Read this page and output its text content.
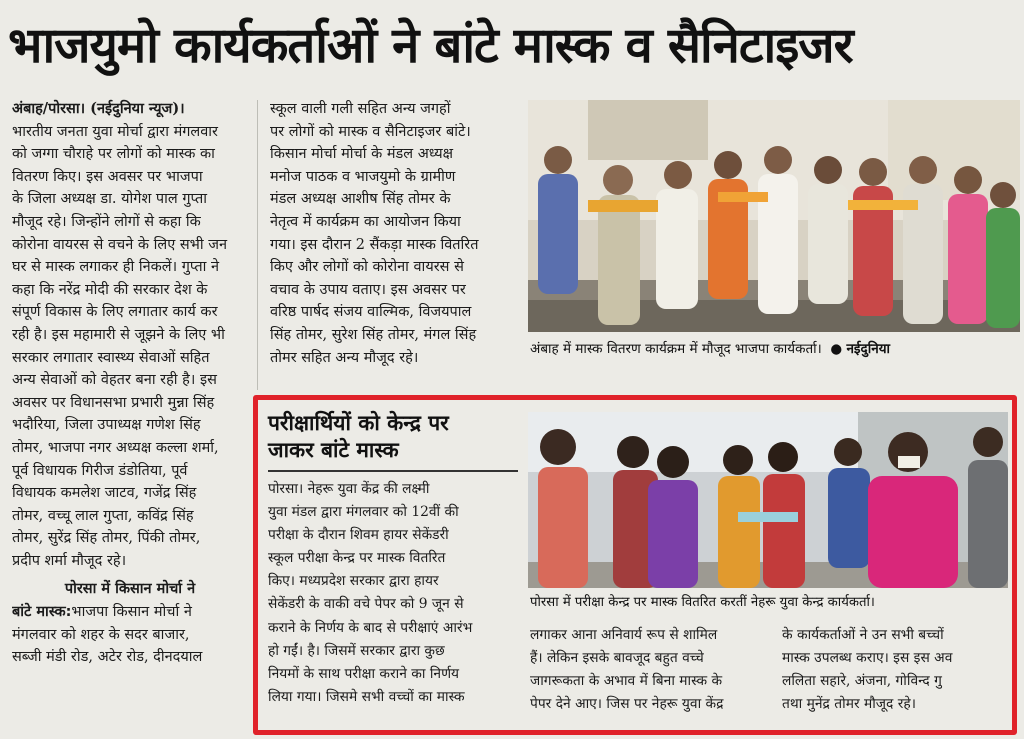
भाजयुमो कार्यकर्ताओं ने बांटे मास्क व सैनिटाइजर
अंबाह/पोरसा। (नईदुनिया न्यूज)।
भारतीय जनता युवा मोर्चा द्वारा मंगलवार
को जग्गा चौराहे पर लोगों को मास्क का
वितरण किए। इस अवसर पर भाजपा
के जिला अध्यक्ष डा. योगेश पाल गुप्ता
मौजूद रहे। जिन्होंने लोगों से कहा कि
कोरोना वायरस से वचने के लिए सभी जन
घर से मास्क लगाकर ही निकलें। गुप्ता ने
कहा कि नरेंद्र मोदी की सरकार देश के
संपूर्ण विकास के लिए लगातार कार्य कर
रही है। इस महामारी से जूझने के लिए भी
सरकार लगातार स्वास्थ्य सेवाओं सहित
अन्य सेवाओं को वेहतर बना रही है। इस
अवसर पर विधानसभा प्रभारी मुन्ना सिंह
भदौरिया, जिला उपाध्यक्ष गणेश सिंह
तोमर, भाजपा नगर अध्यक्ष कल्ला शर्मा,
पूर्व विधायक गिरीज डंडोतिया, पूर्व
विधायक कमलेश जाटव, गजेंद्र सिंह
तोमर, वच्चू लाल गुप्ता, कविंद्र सिंह
तोमर, सुरेंद्र सिंह तोमर, पिंकी तोमर,
प्रदीप शर्मा मौजूद रहे।
पोरसा में किसान मोर्चा ने
बांटे मास्क:भाजपा किसान मोर्चा ने
मंगलवार को शहर के सदर बाजार,
सब्जी मंडी रोड, अटेर रोड, दीनदयाल
स्कूल वाली गली सहित अन्य जगहों
पर लोगों को मास्क व सैनिटाइजर बांटे।
किसान मोर्चा मोर्चा के मंडल अध्यक्ष
मनोज पाठक व भाजयुमो के ग्रामीण
मंडल अध्यक्ष आशीष सिंह तोमर के
नेतृत्व में कार्यक्रम का आयोजन किया
गया। इस दौरान 2 सैंकड़ा मास्क वितरित
किए और लोगों को कोरोना वायरस से
वचाव के उपाय वताए। इस अवसर पर
वरिष्ठ पार्षद संजय वाल्मिक, विजयपाल
सिंह तोमर, सुरेश सिंह तोमर, मंगल सिंह
तोमर सहित अन्य मौजूद रहे।
अंबाह में मास्क वितरण कार्यक्रम में मौजूद भाजपा कार्यकर्ता।  ● नईदुनिया
परीक्षार्थियों को केन्द्र पर
जाकर बांटे मास्क
पोरसा। नेहरू युवा केंद्र की लक्ष्मी
युवा मंडल द्वारा मंगलवार को 12वीं की
परीक्षा के दौरान शिवम हायर सेकेंडरी
स्कूल परीक्षा केन्द्र पर मास्क वितरित
किए। मध्यप्रदेश सरकार द्वारा हायर
सेकेंडरी के वाकी वचे पेपर को 9 जून से
कराने के निर्णय के बाद से परीक्षाएं आरंभ
हो गईं। है। जिसमें सरकार द्वारा कुछ
नियमों के साथ परीक्षा कराने का निर्णय
लिया गया। जिसमे सभी वच्चों का मास्क
पोरसा में परीक्षा केन्द्र पर मास्क वितरित करतीं नेहरू युवा केन्द्र कार्यकर्ता।
लगाकर आना अनिवार्य रूप से शामिल
हैं। लेकिन इसके बावजूद बहुत वच्चे
जागरूकता के अभाव में बिना मास्क के
पेपर देने आए। जिस पर नेहरू युवा केंद्र
के कार्यकर्ताओं ने उन सभी बच्चों
मास्क उपलब्ध कराए। इस इस अव
ललिता सहारे, अंजना, गोविन्द गु
तथा मुनेंद्र तोमर मौजूद रहे।
